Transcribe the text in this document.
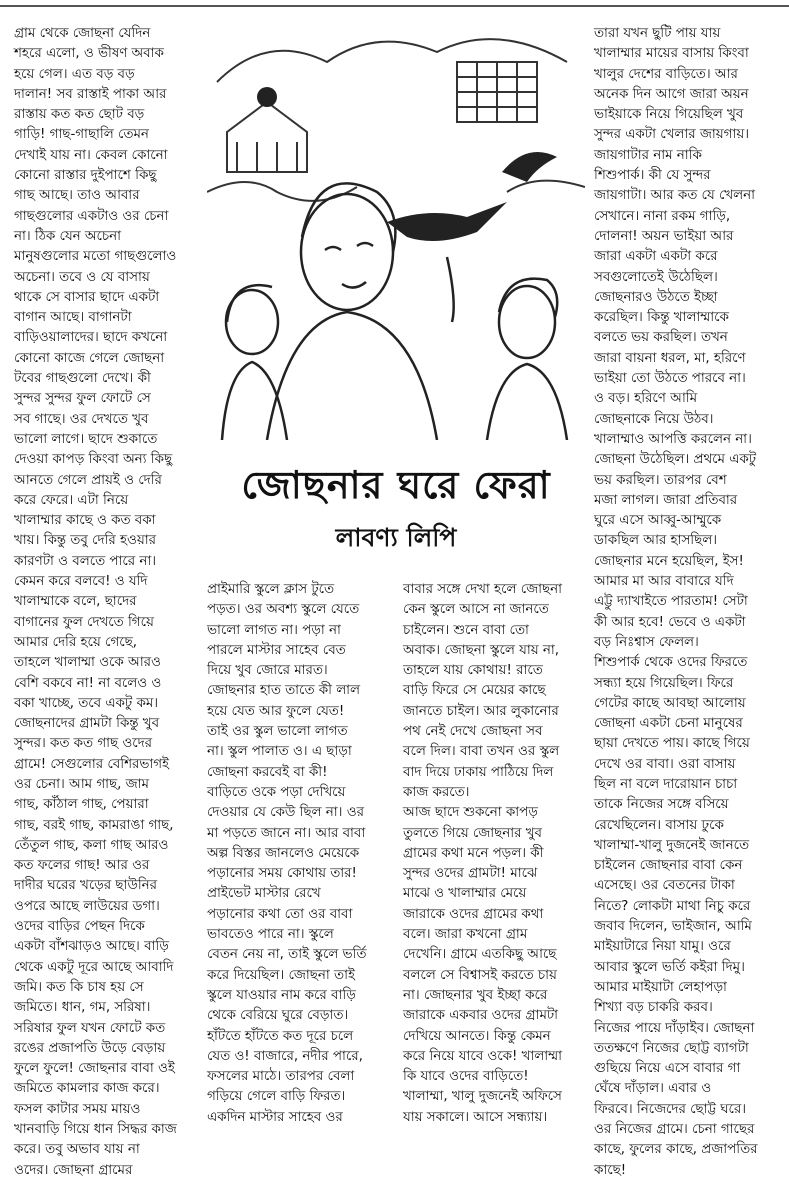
গ্রাম থেকে জোছনা যেদিন

শহরে এলো, ও ভীষণ অবাক

হয়ে গেল। এত বড় বড়

দালান! সব রাস্তাই পাকা আর

রাস্তায় কত কত ছোট বড়

গাড়ি! গাছ-গাছালি তেমন

দেখাই যায় না। কেবল কোনো

কোনো রাস্তার দুইপাশে কিছু

গাছ আছে। তাও আবার

গাছগুলোর একটাও ওর চেনা

না। ঠিক যেন অচেনা

মানুষগুলোর মতো গাছগুলোও

অচেনা। তবে ও যে বাসায়

থাকে সে বাসার ছাদে একটা

বাগান আছে। বাগানটা

বাড়িওয়ালাদের। ছাদে কখনো

কোনো কাজে গেলে জোছনা

টবের গাছগুলো দেখে। কী

সুন্দর সুন্দর ফুল ফোটে সে

সব গাছে। ওর দেখতে খুব

ভালো লাগে। ছাদে শুকাতে

দেওয়া কাপড় কিংবা অন্য কিছু

আনতে গেলে প্রায়ই ও দেরি

করে ফেরে। এটা নিয়ে

খালাম্মার কাছে ও কত বকা

খায়। কিন্তু তবু দেরি হওয়ার

কারণটা ও বলতে পারে না।

কেমন করে বলবে! ও যদি

খালাম্মাকে বলে, ছাদের

বাগানের ফুল দেখতে গিয়ে

আমার দেরি হয়ে গেছে,

তাহলে খালাম্মা ওকে আরও

বেশি বকবে না! না বলেও ও

বকা খাচ্ছে, তবে একটু কম।

জোছনাদের গ্রামটা কিন্তু খুব

সুন্দর। কত কত গাছ ওদের

গ্রামে! সেগুলোর বেশিরভাগই

ওর চেনা। আম গাছ, জাম

গাছ, কাঁঠাল গাছ, পেয়ারা

গাছ, বরই গাছ, কামরাঙা গাছ,

তেঁতুল গাছ, কলা গাছ আরও

কত ফলের গাছ! আর ওর

দাদীর ঘরের খড়ের ছাউনির

ওপরে আছে লাউয়ের ডগা।

ওদের বাড়ির পেছন দিকে

একটা বাঁশঝাড়ও আছে। বাড়ি

থেকে একটু দূরে আছে আবাদি

জমি। কত কি চাষ হয় সে

জমিতে। ধান, গম, সরিষা।

সরিষার ফুল যখন ফোটে কত

রঙের প্রজাপতি উড়ে বেড়ায়

ফুলে ফুলে! জোছনার বাবা ওই

জমিতে কামলার কাজ করে।

ফসল কাটার সময় মায়ও

খানবাড়ি গিয়ে ধান সিদ্ধর কাজ

করে। তবু অভাব যায় না

ওদের। জোছনা গ্রামের

জোছনার ঘরে ফেরা
লাবণ্য লিপি

প্রাইমারি স্কুলে ক্লাস টুতে

পড়ত। ওর অবশ্য স্কুলে যেতে

ভালো লাগত না। পড়া না

পারলে মাস্টার সাহেব বেত

দিয়ে খুব জোরে মারত।

জোছনার হাত তাতে কী লাল

হয়ে যেত আর ফুলে যেত!

তাই ওর স্কুল ভালো লাগত

না। স্কুল পালাত ও। এ ছাড়া

জোছনা করবেই বা কী!

বাড়িতে ওকে পড়া দেখিয়ে

দেওয়ার যে কেউ ছিল না। ওর

মা পড়তে জানে না। আর বাবা

অল্প বিস্তর জানলেও মেয়েকে

পড়ানোর সময় কোথায় তার!

প্রাইভেট মাস্টার রেখে

পড়ানোর কথা তো ওর বাবা

ভাবতেও পারে না। স্কুলে

বেতন নেয় না, তাই স্কুলে ভর্তি

করে দিয়েছিল। জোছনা তাই

স্কুলে যাওয়ার নাম করে বাড়ি

থেকে বেরিয়ে ঘুরে বেড়াত।

হাঁটতে হাঁটতে কত দূরে চলে

যেত ও! বাজারে, নদীর পারে,

ফসলের মাঠে। তারপর বেলা

গড়িয়ে গেলে বাড়ি ফিরত।

একদিন মাস্টার সাহেব ওর

বাবার সঙ্গে দেখা হলে জোছনা

কেন স্কুলে আসে না জানতে

চাইলেন। শুনে বাবা তো

অবাক। জোছনা স্কুলে যায় না,

তাহলে যায় কোথায়! রাতে

বাড়ি ফিরে সে মেয়ের কাছে

জানতে চাইল। আর লুকানোর

পথ নেই দেখে জোছনা সব

বলে দিল। বাবা তখন ওর স্কুল

বাদ দিয়ে ঢাকায় পাঠিয়ে দিল

কাজ করতে।

আজ ছাদে শুকনো কাপড়

তুলতে গিয়ে জোছনার খুব

গ্রামের কথা মনে পড়ল। কী

সুন্দর ওদের গ্রামটা! মাঝে

মাঝে ও খালাম্মার মেয়ে

জারাকে ওদের গ্রামের কথা

বলে। জারা কখনো গ্রাম

দেখেনি। গ্রামে এতকিছু আছে

বললে সে বিশ্বাসই করতে চায়

না। জোছনার খুব ইচ্ছা করে

জারাকে একবার ওদের গ্রামটা

দেখিয়ে আনতে। কিন্তু কেমন

করে নিয়ে যাবে ওকে! খালাম্মা

কি যাবে ওদের বাড়িতে!

খালাম্মা, খালু দুজনেই অফিসে

যায় সকালে। আসে সন্ধ্যায়।

তারা যখন ছুটি পায় যায়

খালাম্মার মায়ের বাসায় কিংবা

খালুর দেশের বাড়িতে। আর

অনেক দিন আগে জারা অয়ন

ভাইয়াকে নিয়ে গিয়েছিল খুব

সুন্দর একটা খেলার জায়গায়।

জায়গাটার নাম নাকি

শিশুপার্ক। কী যে সুন্দর

জায়গাটা। আর কত যে খেলনা

সেখানে। নানা রকম গাড়ি,

দোলনা! অয়ন ভাইয়া আর

জারা একটা একটা করে

সবগুলোতেই উঠেছিল।

জোছনারও উঠতে ইচ্ছা

করেছিল। কিন্তু খালাম্মাকে

বলতে ভয় করছিল। তখন

জারা বায়না ধরল, মা, হরিণে

ভাইয়া তো উঠতে পারবে না।

ও বড়। হরিণে আমি

জোছনাকে নিয়ে উঠব।

খালাম্মাও আপত্তি করলেন না।

জোছনা উঠেছিল। প্রথমে একটু

ভয় করছিল। তারপর বেশ

মজা লাগল। জারা প্রতিবার

ঘুরে এসে আব্বু-আম্মুকে

ডাকছিল আর হাসছিল।

জোছনার মনে হয়েছিল, ইস!

আমার মা আর বাবারে যদি

এট্টু দ্যাখাইতে পারতাম! সেটা

কী আর হবে! ভেবে ও একটা

বড় নিঃশ্বাস ফেলল।

শিশুপার্ক থেকে ওদের ফিরতে

সন্ধ্যা হয়ে গিয়েছিল। ফিরে

গেটের কাছে আবছা আলোয়

জোছনা একটা চেনা মানুষের

ছায়া দেখতে পায়। কাছে গিয়ে

দেখে ওর বাবা। ওরা বাসায়

ছিল না বলে দারোয়ান চাচা

তাকে নিজের সঙ্গে বসিয়ে

রেখেছিলেন। বাসায় ঢুকে

খালাম্মা-খালু দুজনেই জানতে

চাইলেন জোছনার বাবা কেন

এসেছে। ওর বেতনের টাকা

নিতে? লোকটা মাথা নিচু করে

জবাব দিলেন, ভাইজান, আমি

মাইয়াটারে নিয়া যামু। ওরে

আবার স্কুলে ভর্তি কইরা দিমু।

আমার মাইয়াটা লেহাপড়া

শিখ্যা বড় চাকরি করব।

নিজের পায়ে দাঁড়াইব। জোছনা

ততক্ষণে নিজের ছোট্ট ব্যাগটা

গুছিয়ে নিয়ে এসে বাবার গা

ঘেঁষে দাঁড়াল। এবার ও

ফিরবে। নিজেদের ছোট্ট ঘরে।

ওর নিজের গ্রামে। চেনা গাছের

কাছে, ফুলের কাছে, প্রজাপতির

কাছে!
